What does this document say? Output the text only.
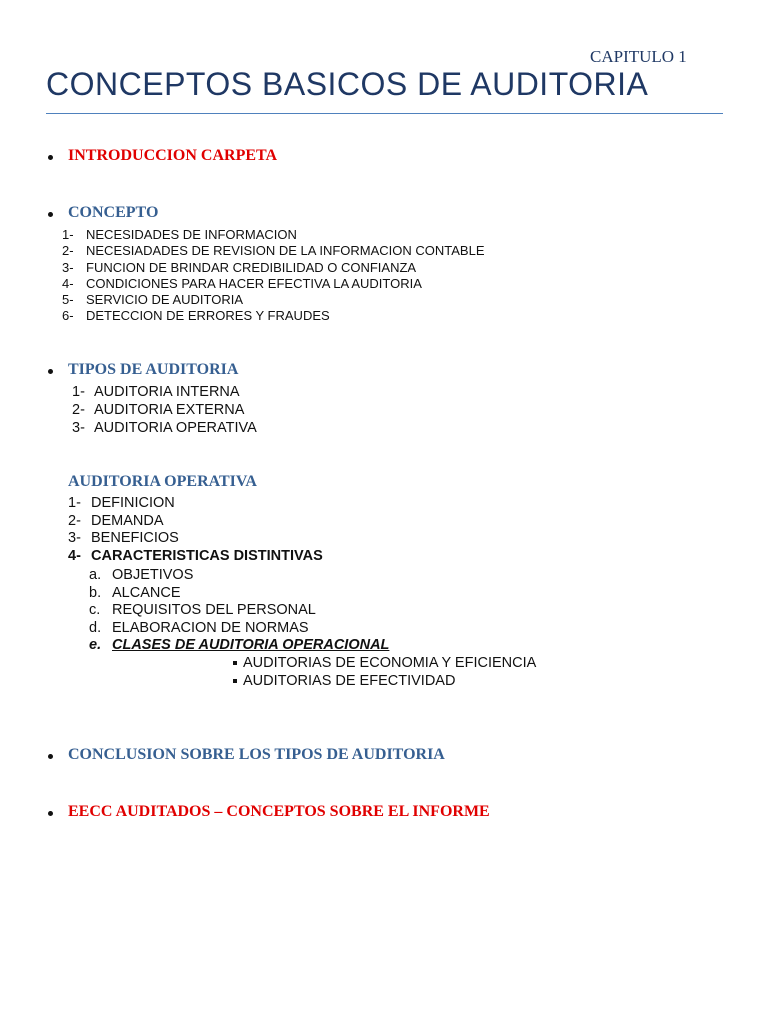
CAPITULO 1
CONCEPTOS BASICOS DE AUDITORIA
INTRODUCCION CARPETA
CONCEPTO
1- NECESIDADES DE INFORMACION
2- NECESIADADES DE REVISION DE LA INFORMACION CONTABLE
3- FUNCION DE BRINDAR CREDIBILIDAD O CONFIANZA
4- CONDICIONES PARA HACER EFECTIVA LA AUDITORIA
5- SERVICIO DE AUDITORIA
6- DETECCION DE ERRORES Y FRAUDES
TIPOS DE AUDITORIA
1- AUDITORIA INTERNA
2- AUDITORIA EXTERNA
3- AUDITORIA OPERATIVA
AUDITORIA OPERATIVA
1- DEFINICION
2- DEMANDA
3- BENEFICIOS
4- CARACTERISTICAS DISTINTIVAS
a. OBJETIVOS
b. ALCANCE
c. REQUISITOS DEL PERSONAL
d. ELABORACION DE NORMAS
e. CLASES DE AUDITORIA OPERACIONAL
AUDITORIAS DE ECONOMIA Y EFICIENCIA
AUDITORIAS DE EFECTIVIDAD
CONCLUSION SOBRE LOS TIPOS DE AUDITORIA
EECC AUDITADOS – CONCEPTOS SOBRE EL INFORME
